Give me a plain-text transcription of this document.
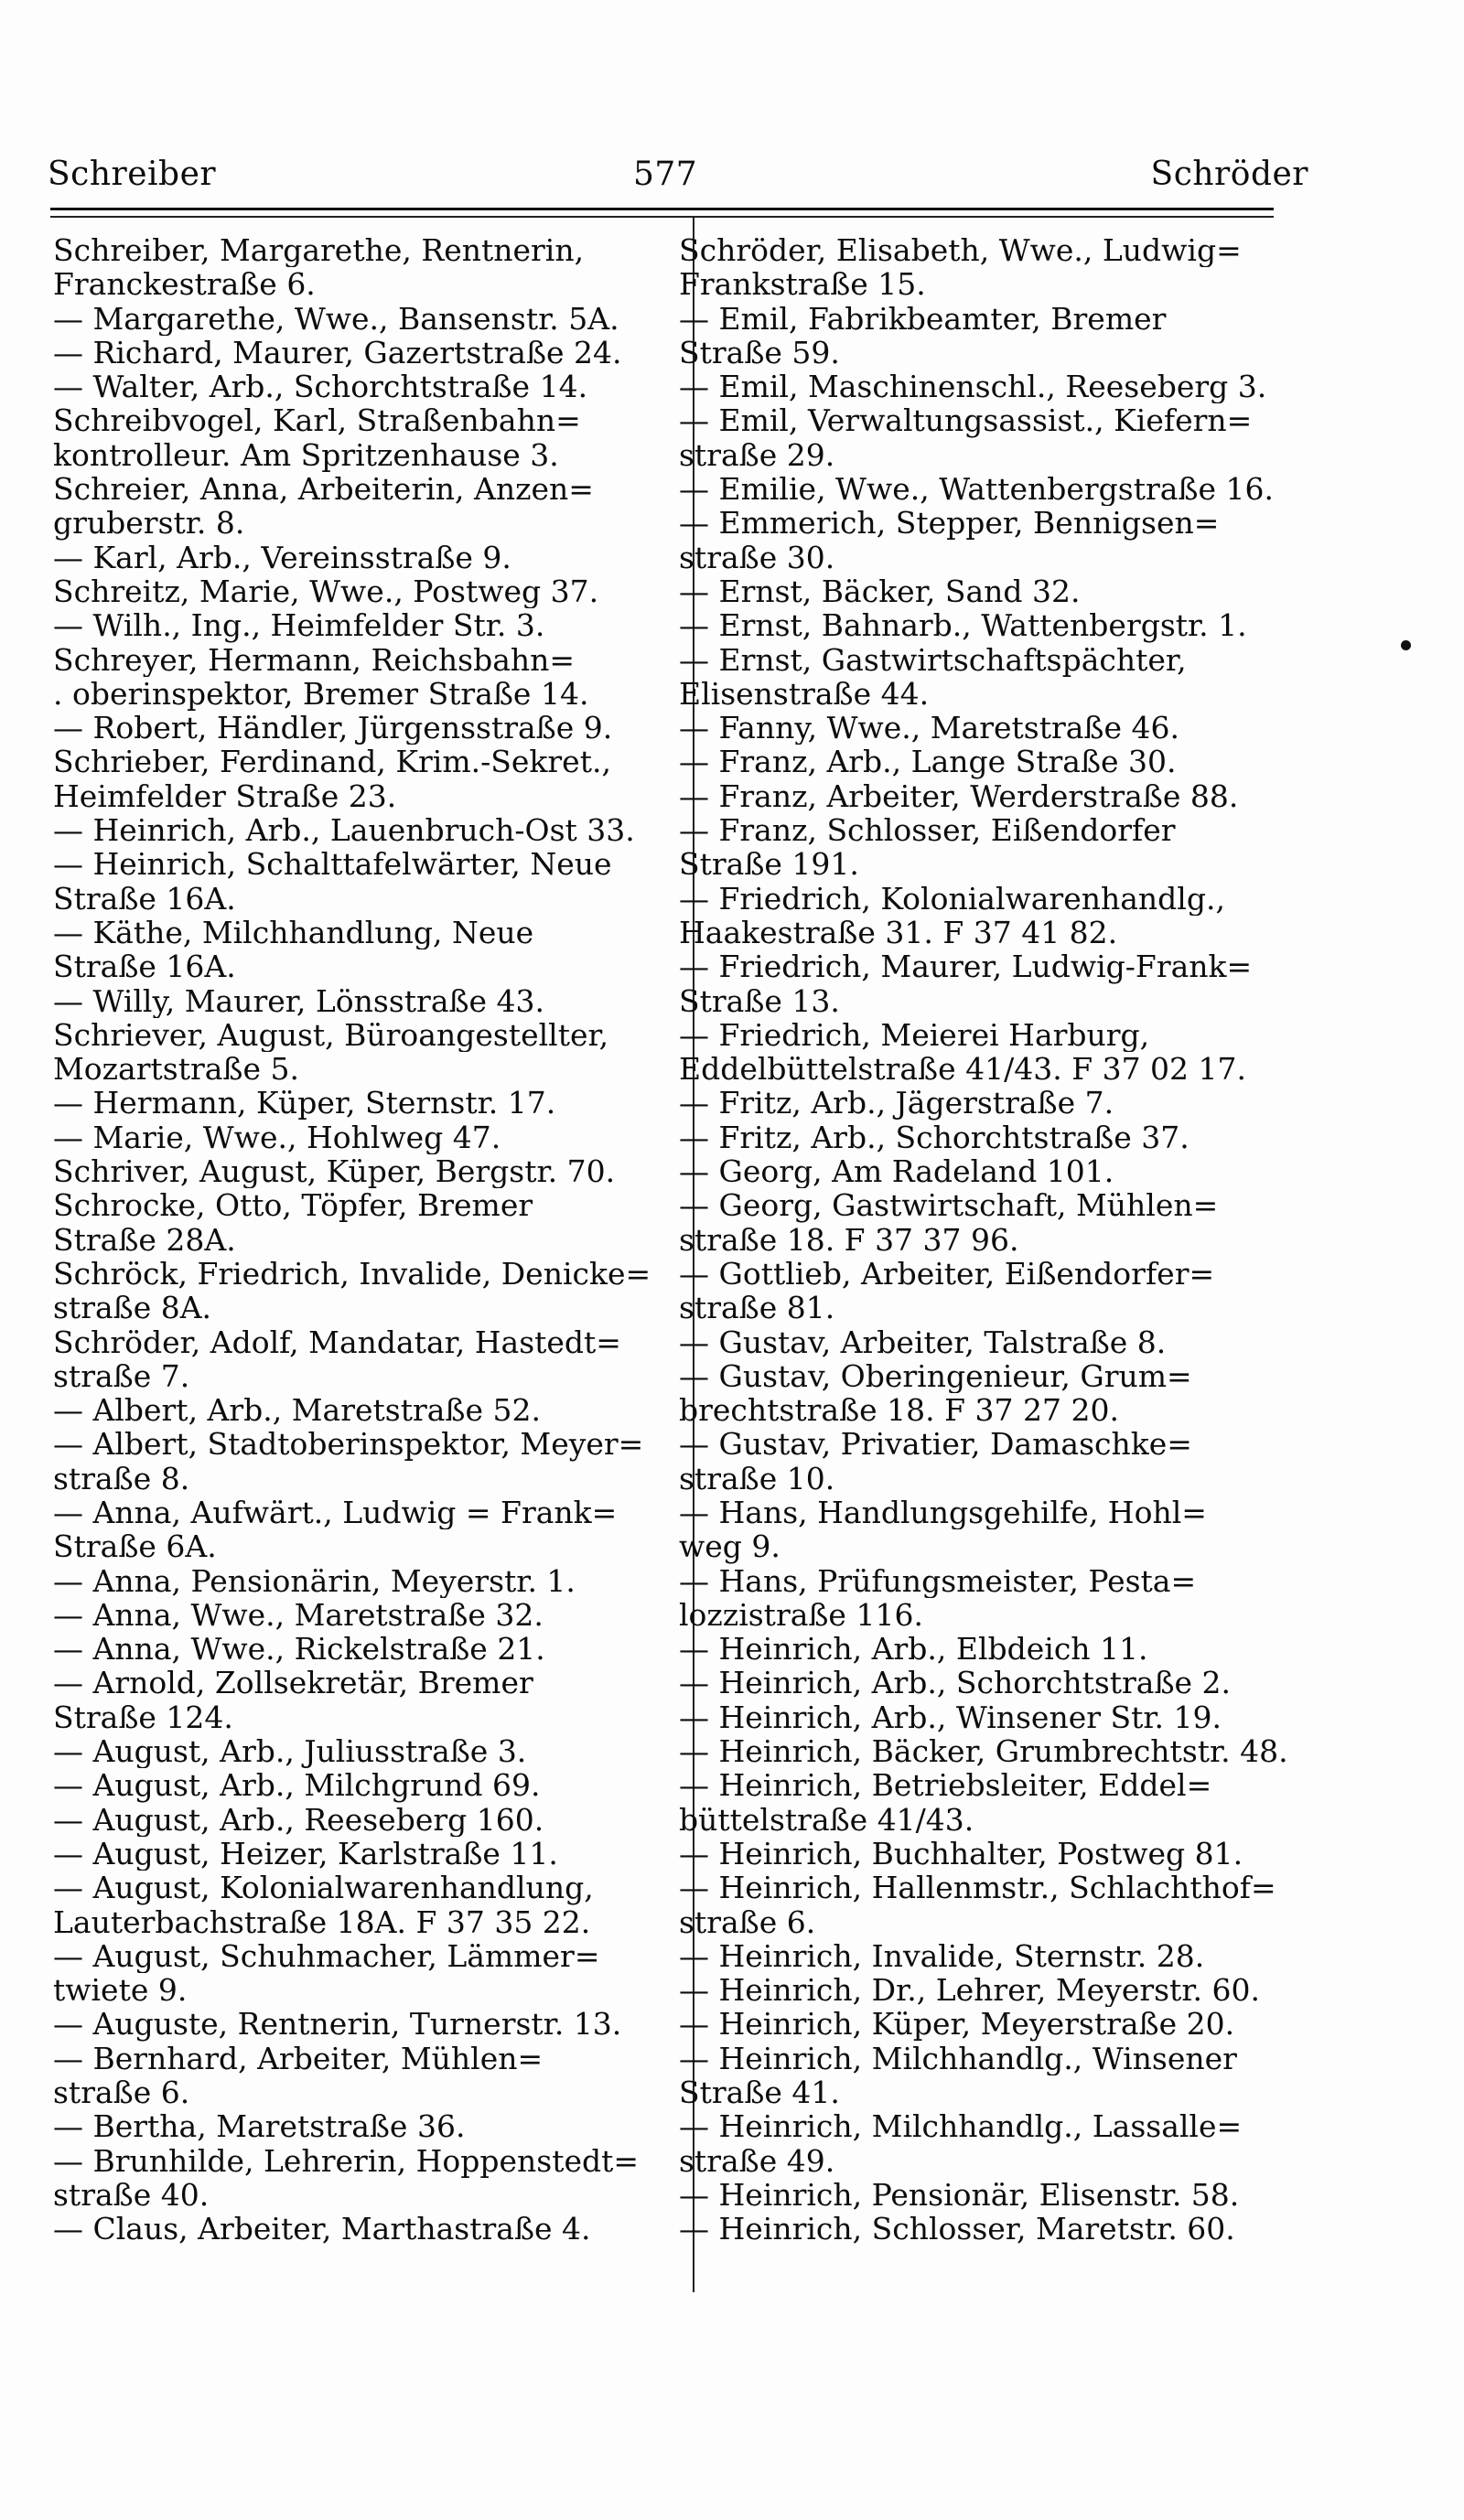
Schreiber	577	Schröder
Schreiber, Margarethe, Rentnerin,
Franckestraße 6.
— Margarethe, Wwe., Bansenstr. 5A.
— Richard, Maurer, Gazertstraße 24.
— Walter, Arb., Schorchtstraße 14.
Schreibvogel, Karl, Straßenbahn=
kontrolleur. Am Spritzenhause 3.
Schreier, Anna, Arbeiterin, Anzen=
gruberstr. 8.
— Karl, Arb., Vereinsstraße 9.
Schreitz, Marie, Wwe., Postweg 37.
— Wilh., Ing., Heimfelder Str. 3.
Schreyer, Hermann, Reichsbahn=
. oberinspektor, Bremer Straße 14.
— Robert, Händler, Jürgensstraße 9.
Schrieber, Ferdinand, Krim.-Sekret.,
Heimfelder Straße 23.
— Heinrich, Arb., Lauenbruch-Ost 33.
— Heinrich, Schalttafelwärter, Neue
Straße 16A.
— Käthe, Milchhandlung, Neue
Straße 16A.
— Willy, Maurer, Lönsstraße 43.
Schriever, August, Büroangestellter,
Mozartstraße 5.
— Hermann, Küper, Sternstr. 17.
— Marie, Wwe., Hohlweg 47.
Schriver, August, Küper, Bergstr. 70.
Schrocke, Otto, Töpfer, Bremer
Straße 28A.
Schröck, Friedrich, Invalide, Denicke=
straße 8A.
Schröder, Adolf, Mandatar, Hastedt=
straße 7.
— Albert, Arb., Maretstraße 52.
— Albert, Stadtoberinspektor, Meyer=
straße 8.
— Anna, Aufwärt., Ludwig = Frank=
Straße 6A.
— Anna, Pensionärin, Meyerstr. 1.
— Anna, Wwe., Maretstraße 32.
— Anna, Wwe., Rickelstraße 21.
— Arnold, Zollsekretär, Bremer
Straße 124.
— August, Arb., Juliusstraße 3.
— August, Arb., Milchgrund 69.
— August, Arb., Reeseberg 160.
— August, Heizer, Karlstraße 11.
— August, Kolonialwarenhandlung,
Lauterbachstraße 18A. F 37 35 22.
— August, Schuhmacher, Lämmer=
twiete 9.
— Auguste, Rentnerin, Turnerstr. 13.
— Bernhard, Arbeiter, Mühlen=
straße 6.
— Bertha, Maretstraße 36.
— Brunhilde, Lehrerin, Hoppenstedt=
straße 40.
— Claus, Arbeiter, Marthastraße 4.
Schröder, Elisabeth, Wwe., Ludwig=
Frankstraße 15.
— Emil, Fabrikbeamter, Bremer
Straße 59.
— Emil, Maschinenschl., Reeseberg 3.
— Emil, Verwaltungsassist., Kiefern=
straße 29.
— Emilie, Wwe., Wattenbergstraße 16.
— Emmerich, Stepper, Bennigsen=
straße 30.
— Ernst, Bäcker, Sand 32.
— Ernst, Bahnarb., Wattenbergstr. 1.
— Ernst, Gastwirtschaftspächter,
Elisenstraße 44.
— Fanny, Wwe., Maretstraße 46.
— Franz, Arb., Lange Straße 30.
— Franz, Arbeiter, Werderstraße 88.
— Franz, Schlosser, Eißendorfer
Straße 191.
— Friedrich, Kolonialwarenhandlg.,
Haakestraße 31. F 37 41 82.
— Friedrich, Maurer, Ludwig-Frank=
Straße 13.
— Friedrich, Meierei Harburg,
Eddelbüttelstraße 41/43. F 37 02 17.
— Fritz, Arb., Jägerstraße 7.
— Fritz, Arb., Schorchtstraße 37.
— Georg, Am Radeland 101.
— Georg, Gastwirtschaft, Mühlen=
straße 18. F 37 37 96.
— Gottlieb, Arbeiter, Eißendorfer=
straße 81.
— Gustav, Arbeiter, Talstraße 8.
— Gustav, Oberingenieur, Grum=
brechtstraße 18. F 37 27 20.
— Gustav, Privatier, Damaschke=
straße 10.
— Hans, Handlungsgehilfe, Hohl=
weg 9.
— Hans, Prüfungsmeister, Pesta=
lozzistraße 116.
— Heinrich, Arb., Elbdeich 11.
— Heinrich, Arb., Schorchtstraße 2.
— Heinrich, Arb., Winsener Str. 19.
— Heinrich, Bäcker, Grumbrechtstr. 48.
— Heinrich, Betriebsleiter, Eddel=
büttelstraße 41/43.
— Heinrich, Buchhalter, Postweg 81.
— Heinrich, Hallenmstr., Schlachthof=
straße 6.
— Heinrich, Invalide, Sternstr. 28.
— Heinrich, Dr., Lehrer, Meyerstr. 60.
— Heinrich, Küper, Meyerstraße 20.
— Heinrich, Milchhandlg., Winsener
Straße 41.
— Heinrich, Milchhandlg., Lassalle=
straße 49.
— Heinrich, Pensionär, Elisenstr. 58.
— Heinrich, Schlosser, Maretstr. 60.
